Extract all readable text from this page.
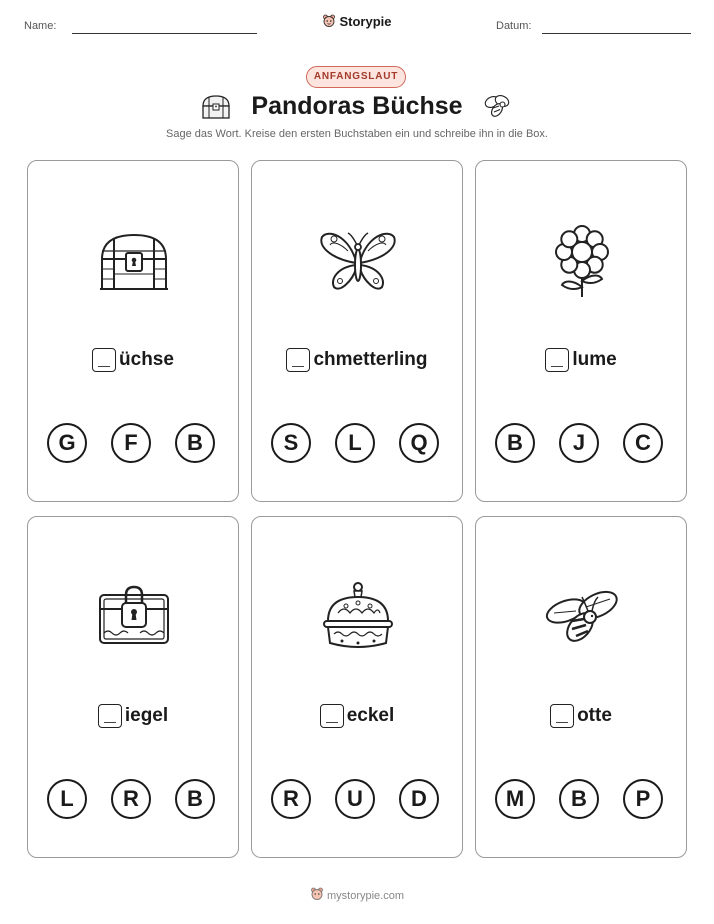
Name:	Storypie	Datum:
ANFANGSLAUT
Pandoras Büchse
Sage das Wort. Kreise den ersten Buchstaben ein und schreibe ihn in die Box.
üchse
G	F	B
chmetterling
S	L	Q
lume
B	J	C
iegel
L	R	B
eckel
R	U	D
otte
M	B	P
mystorypie.com
